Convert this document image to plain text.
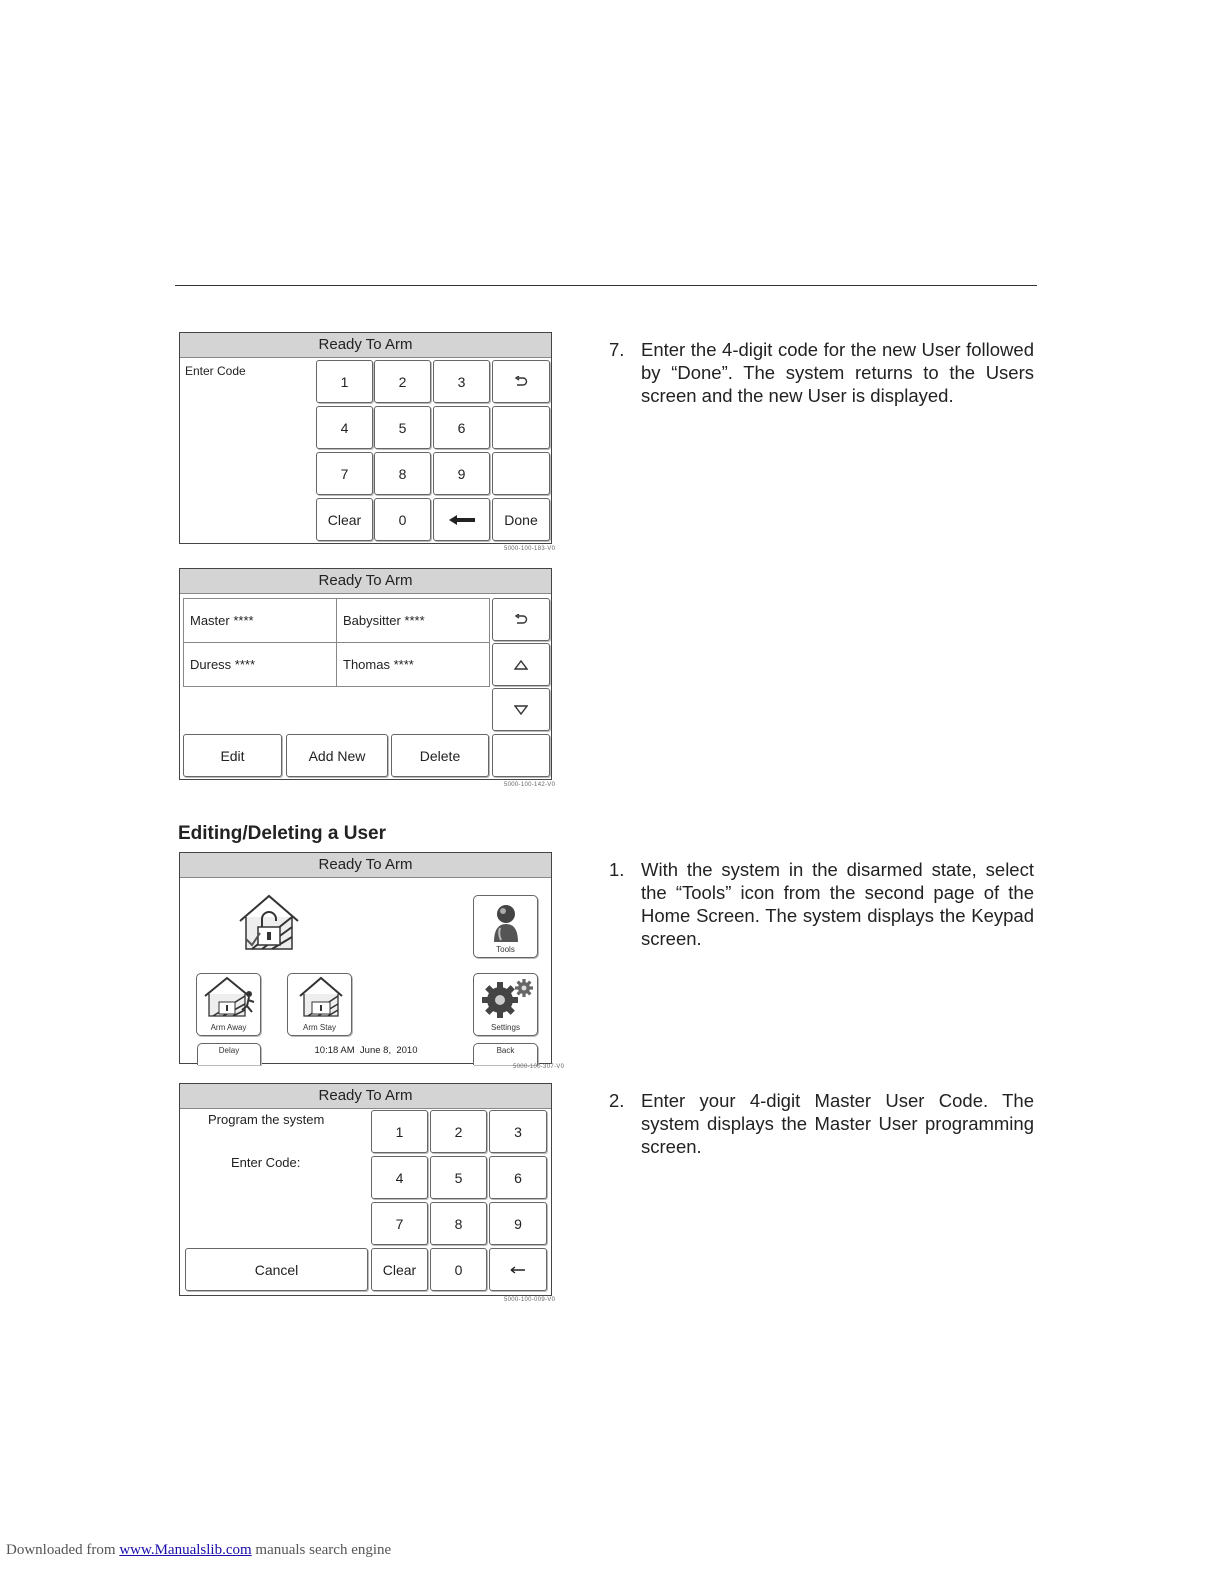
Ready To Arm
Enter Code
1	2	3
4	5	6
7	8	9
Clear	0	Done
5000-100-183-V0
Ready To Arm
Master ****	Babysitter ****
Duress ****	Thomas ****
Edit	Add New	Delete
5000-100-142-V0
Editing/Deleting a User
Ready To Arm
Tools
Arm Away	Arm Stay	Settings
Delay	10:18 AM  June 8,  2010	Back
5000-100-307-V0
Ready To Arm
Program the system
Enter Code:
1	2	3
4	5	6
7	8	9
Cancel	Clear	0
5000-100-009-V0
7. Enter the 4-digit code for the new User followed by “Done”. The system returns to the Users screen and the new User is displayed.
1. With the system in the disarmed state, select the “Tools” icon from the second page of the Home Screen. The system displays the Keypad screen.
2. Enter your 4-digit Master User Code. The system displays the Master User programming screen.
Downloaded from www.Manualslib.com manuals search engine
